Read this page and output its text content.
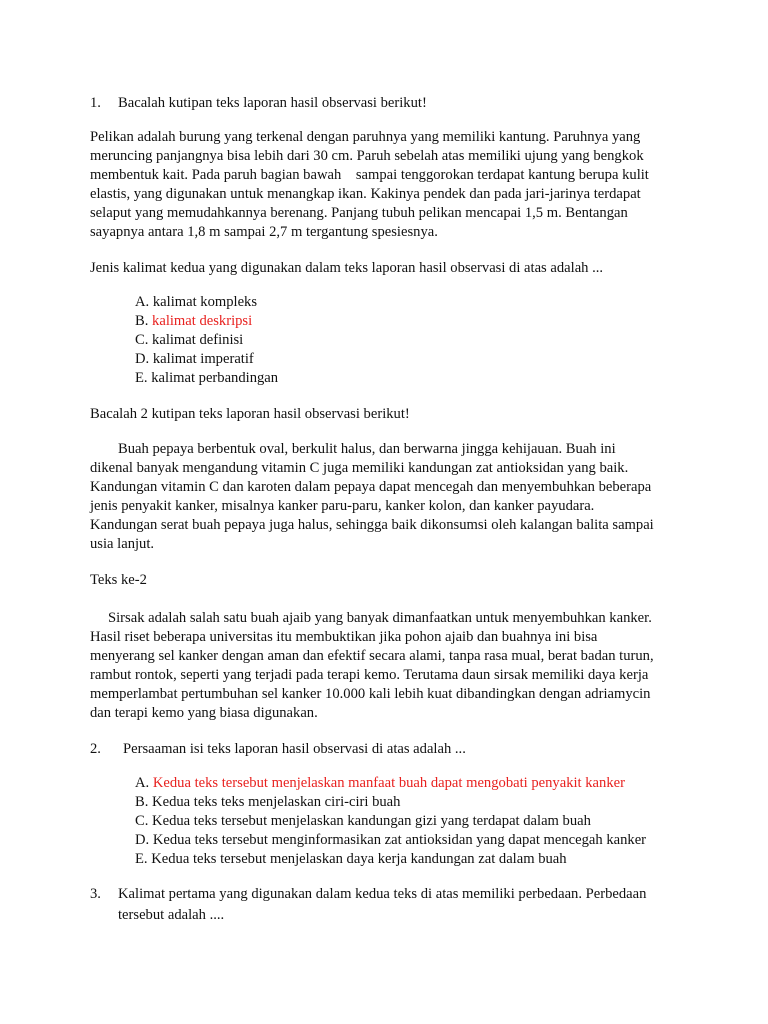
1. Bacalah kutipan teks laporan hasil observasi berikut!
Pelikan adalah burung yang terkenal dengan paruhnya yang memiliki kantung. Paruhnya yang
meruncing panjangnya bisa lebih dari 30 cm. Paruh sebelah atas memiliki ujung yang bengkok
membentuk kait. Pada paruh bagian bawah    sampai tenggorokan terdapat kantung berupa kulit
elastis, yang digunakan untuk menangkap ikan. Kakinya pendek dan pada jari-jarinya terdapat
selaput yang memudahkannya berenang. Panjang tubuh pelikan mencapai 1,5 m. Bentangan
sayapnya antara 1,8 m sampai 2,7 m tergantung spesiesnya.
Jenis kalimat kedua yang digunakan dalam teks laporan hasil observasi di atas adalah ...
A. kalimat kompleks
B. kalimat deskripsi
C. kalimat definisi
D. kalimat imperatif
E. kalimat perbandingan
Bacalah 2 kutipan teks laporan hasil observasi berikut!
Buah pepaya berbentuk oval, berkulit halus, dan berwarna jingga kehijauan. Buah ini
dikenal banyak mengandung vitamin C juga memiliki kandungan zat antioksidan yang baik.
Kandungan vitamin C dan karoten dalam pepaya dapat mencegah dan menyembuhkan beberapa
jenis penyakit kanker, misalnya kanker paru-paru, kanker kolon, dan kanker payudara.
Kandungan serat buah pepaya juga halus, sehingga baik dikonsumsi oleh kalangan balita sampai
usia lanjut.
Teks ke-2
Sirsak adalah salah satu buah ajaib yang banyak dimanfaatkan untuk menyembuhkan kanker.
Hasil riset beberapa universitas itu membuktikan jika pohon ajaib dan buahnya ini bisa
menyerang sel kanker dengan aman dan efektif secara alami, tanpa rasa mual, berat badan turun,
rambut rontok, seperti yang terjadi pada terapi kemo. Terutama daun sirsak memiliki daya kerja
memperlambat pertumbuhan sel kanker 10.000 kali lebih kuat dibandingkan dengan adriamycin
dan terapi kemo yang biasa digunakan.
2. Persaaman isi teks laporan hasil observasi di atas adalah ...
A. Kedua teks tersebut menjelaskan manfaat buah dapat mengobati penyakit kanker
B. Kedua teks teks menjelaskan ciri-ciri buah
C. Kedua teks tersebut menjelaskan kandungan gizi yang terdapat dalam buah
D. Kedua teks tersebut menginformasikan zat antioksidan yang dapat mencegah kanker
E. Kedua teks tersebut menjelaskan daya kerja kandungan zat dalam buah
3. Kalimat pertama yang digunakan dalam kedua teks di atas memiliki perbedaan. Perbedaan
tersebut adalah ....
